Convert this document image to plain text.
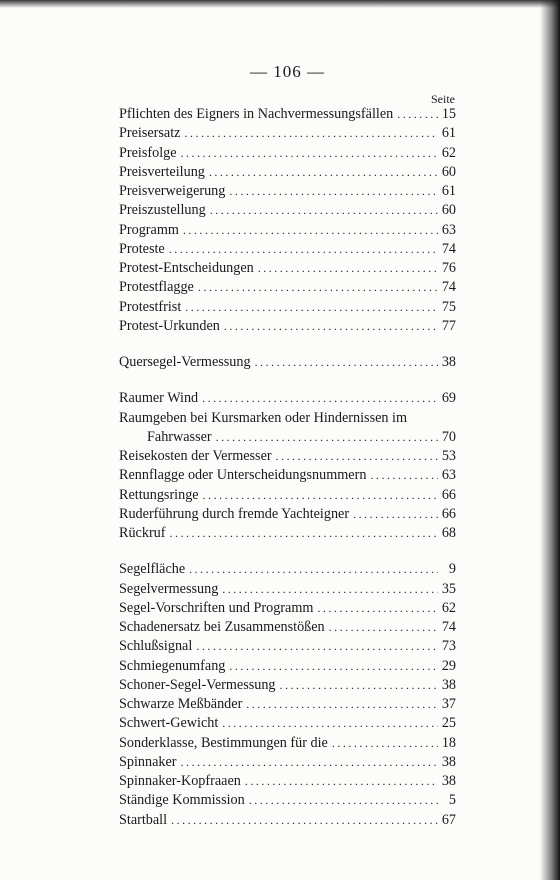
— 106 —
Seite
Pflichten des Eigners in Nachvermessungsfällen .....	15
Preisersatz .....	61
Preisfolge .....	62
Preisverteilung .....	60
Preisverweigerung .....	61
Preiszustellung .....	60
Programm .....	63
Proteste .....	74
Protest-Entscheidungen .....	76
Protestflagge .....	74
Protestfrist .....	75
Protest-Urkunden .....	77
Quersegel-Vermessung .....	38
Raumer Wind .....	69
Raumgeben bei Kursmarken oder Hindernissen im
Fahrwasser .....	70
Reisekosten der Vermesser .....	53
Rennflagge oder Unterscheidungsnummern .....	63
Rettungsringe .....	66
Ruderführung durch fremde Yachteigner .....	66
Rückruf .....	68
Segelfläche .....	9
Segelvermessung .....	35
Segel-Vorschriften und Programm .....	62
Schadenersatz bei Zusammenstößen .....	74
Schlußsignal .....	73
Schmiegenumfang .....	29
Schoner-Segel-Vermessung .....	38
Schwarze Meßbänder .....	37
Schwert-Gewicht .....	25
Sonderklasse, Bestimmungen für die .....	18
Spinnaker .....	38
Spinnaker-Kopfraaen .....	38
Ständige Kommission .....	5
Startball .....	67
